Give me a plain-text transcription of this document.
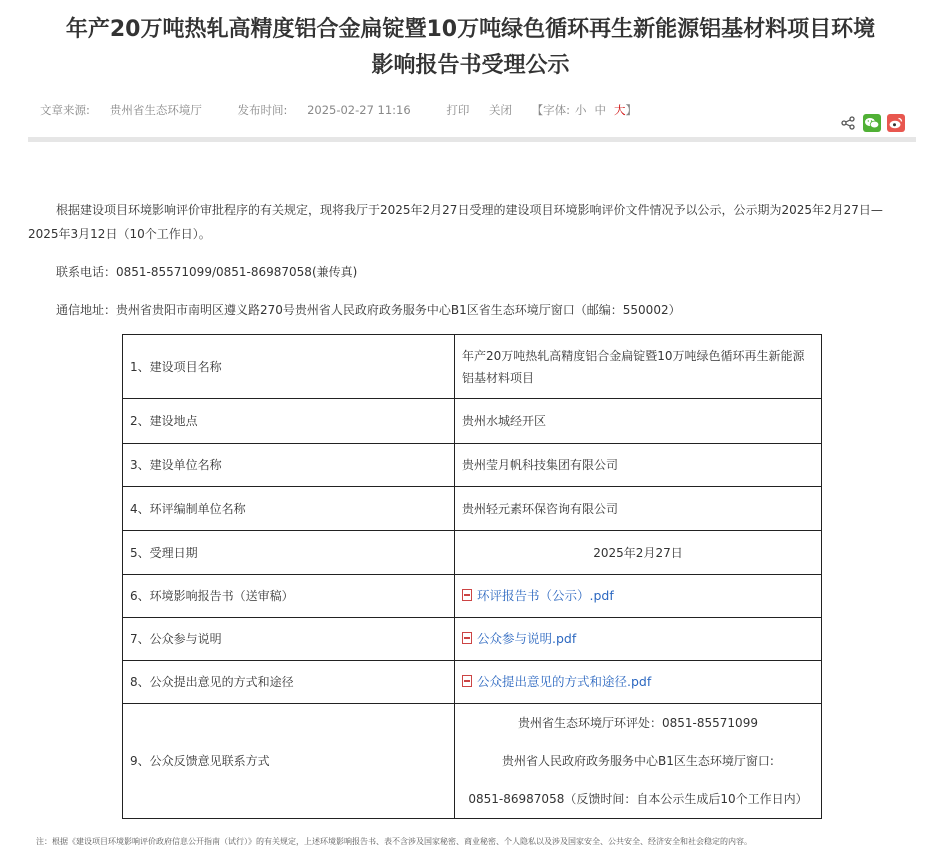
年产20万吨热轧高精度铝合金扁锭暨10万吨绿色循环再生新能源铝基材料项目环境
影响报告书受理公示
文章来源: 贵州省生态环境厅	发布时间: 2025-02-27 11:16	打印 关闭 【字体: 小 中 大】
根据建设项目环境影响评价审批程序的有关规定，现将我厅于2025年2月27日受理的建设项目环境影响评价文件情况予以公示，公示期为2025年2月27日—2025年3月12日（10个工作日）。
联系电话：0851-85571099/0851-86987058(兼传真)
通信地址：贵州省贵阳市南明区遵义路270号贵州省人民政府政务服务中心B1区省生态环境厅窗口（邮编：550002）
1、建设项目名称	年产20万吨热轧高精度铝合金扁锭暨10万吨绿色循环再生新能源铝基材料项目
2、建设地点	贵州水城经开区
3、建设单位名称	贵州莹月帆科技集团有限公司
4、环评编制单位名称	贵州轻元素环保咨询有限公司
5、受理日期	2025年2月27日
6、环境影响报告书（送审稿）	环评报告书（公示）.pdf
7、公众参与说明	公众参与说明.pdf
8、公众提出意见的方式和途径	公众提出意见的方式和途径.pdf
9、公众反馈意见联系方式	贵州省生态环境厅环评处：0851-85571099
贵州省人民政府政务服务中心B1区生态环境厅窗口:
0851-86987058（反馈时间：自本公示生成后10个工作日内）
注：根据《建设项目环境影响评价政府信息公开指南（试行）》的有关规定，上述环境影响报告书、表不含涉及国家秘密、商业秘密、个人隐私以及涉及国家安全、公共安全、经济安全和社会稳定的内容。
